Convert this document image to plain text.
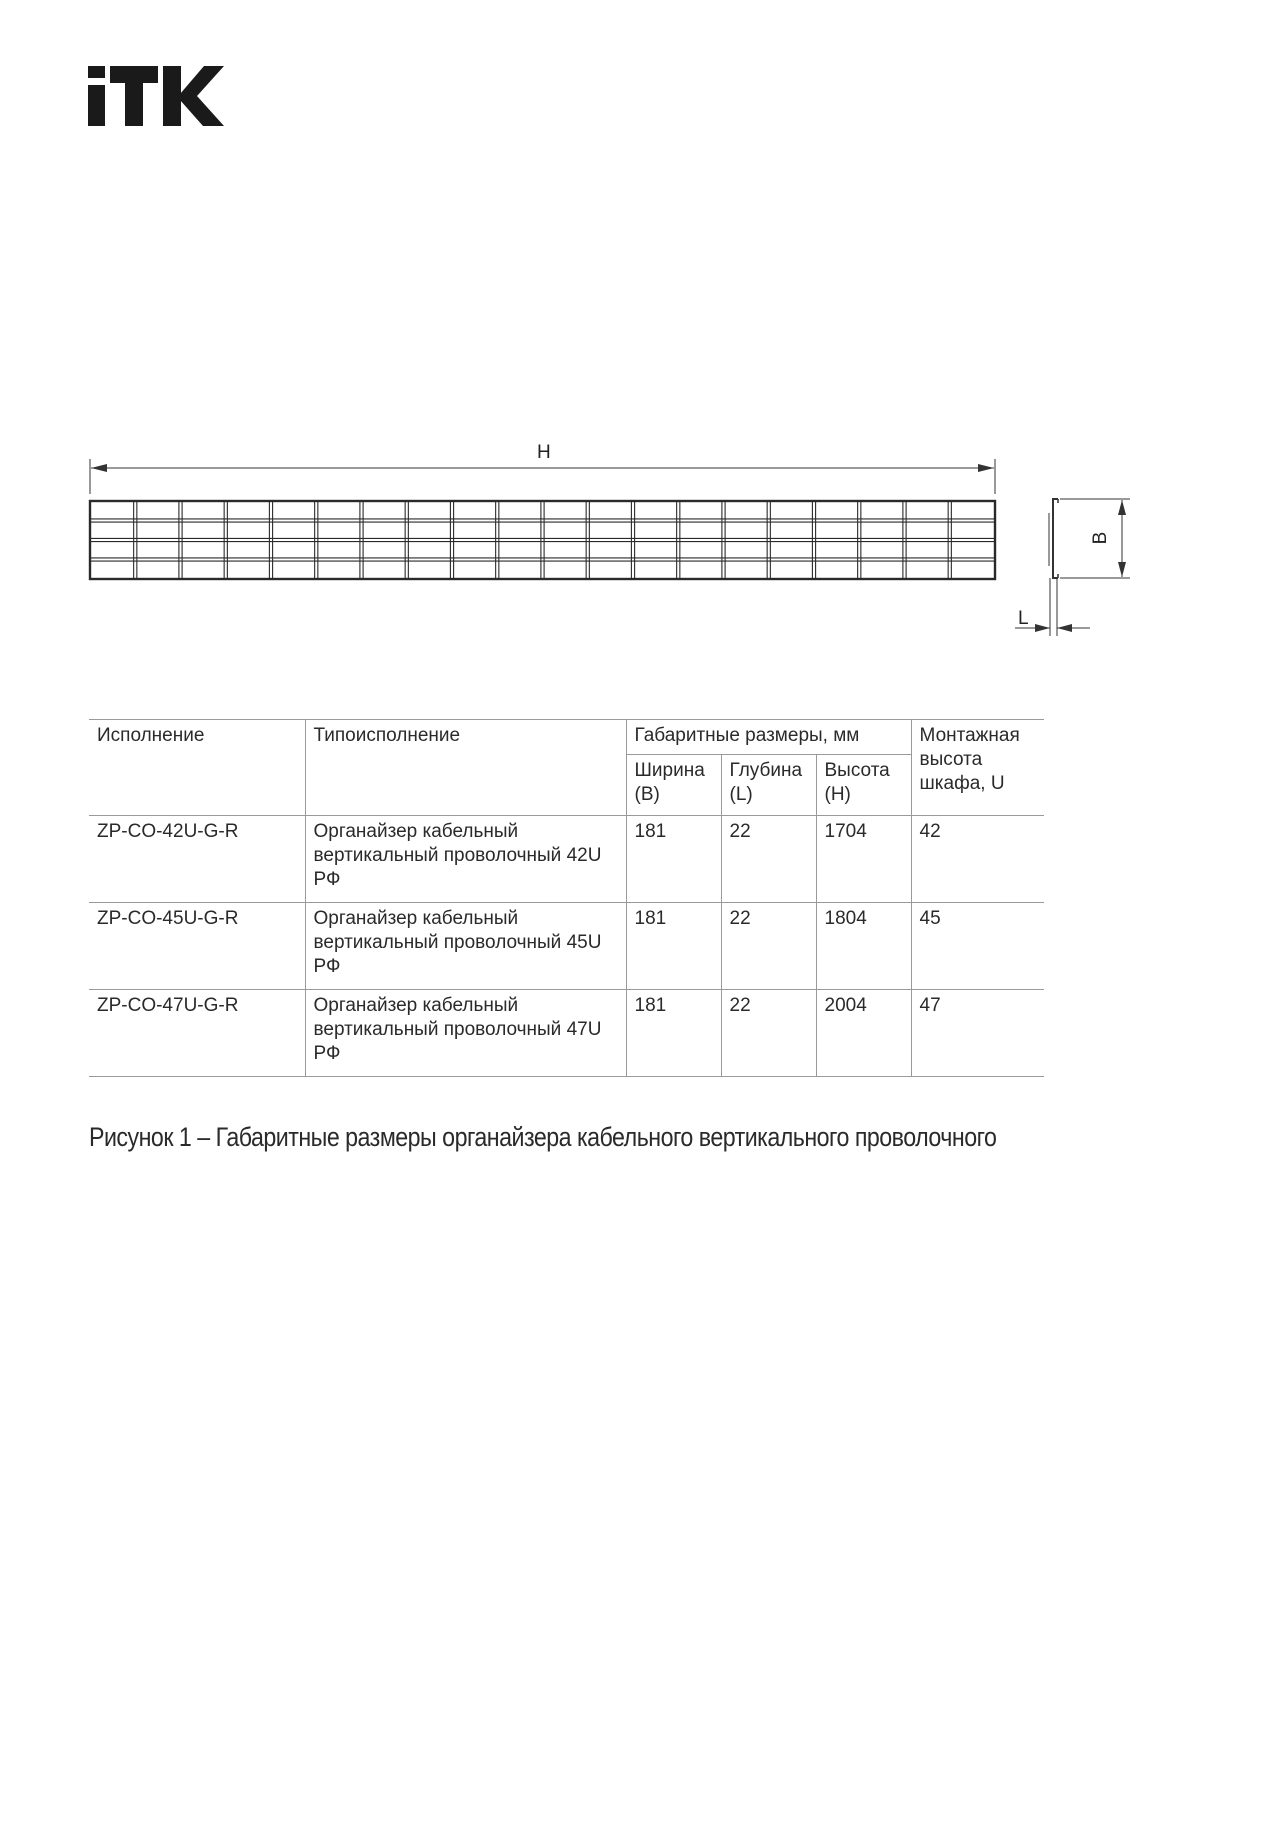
H
B
L
Исполнение	Типоисполнение	Габаритные размеры, мм			Монтажная высота шкафа, U
		Ширина (B)	Глубина (L)	Высота (H)	
ZP-CO-42U-G-R	Органайзер кабельный вертикальный проволочный 42U РФ	181	22	1704	42
ZP-CO-45U-G-R	Органайзер кабельный вертикальный проволочный 45U РФ	181	22	1804	45
ZP-CO-47U-G-R	Органайзер кабельный вертикальный проволочный 47U РФ	181	22	2004	47
Рисунок 1 – Габаритные размеры органайзера кабельного вертикального проволочного
